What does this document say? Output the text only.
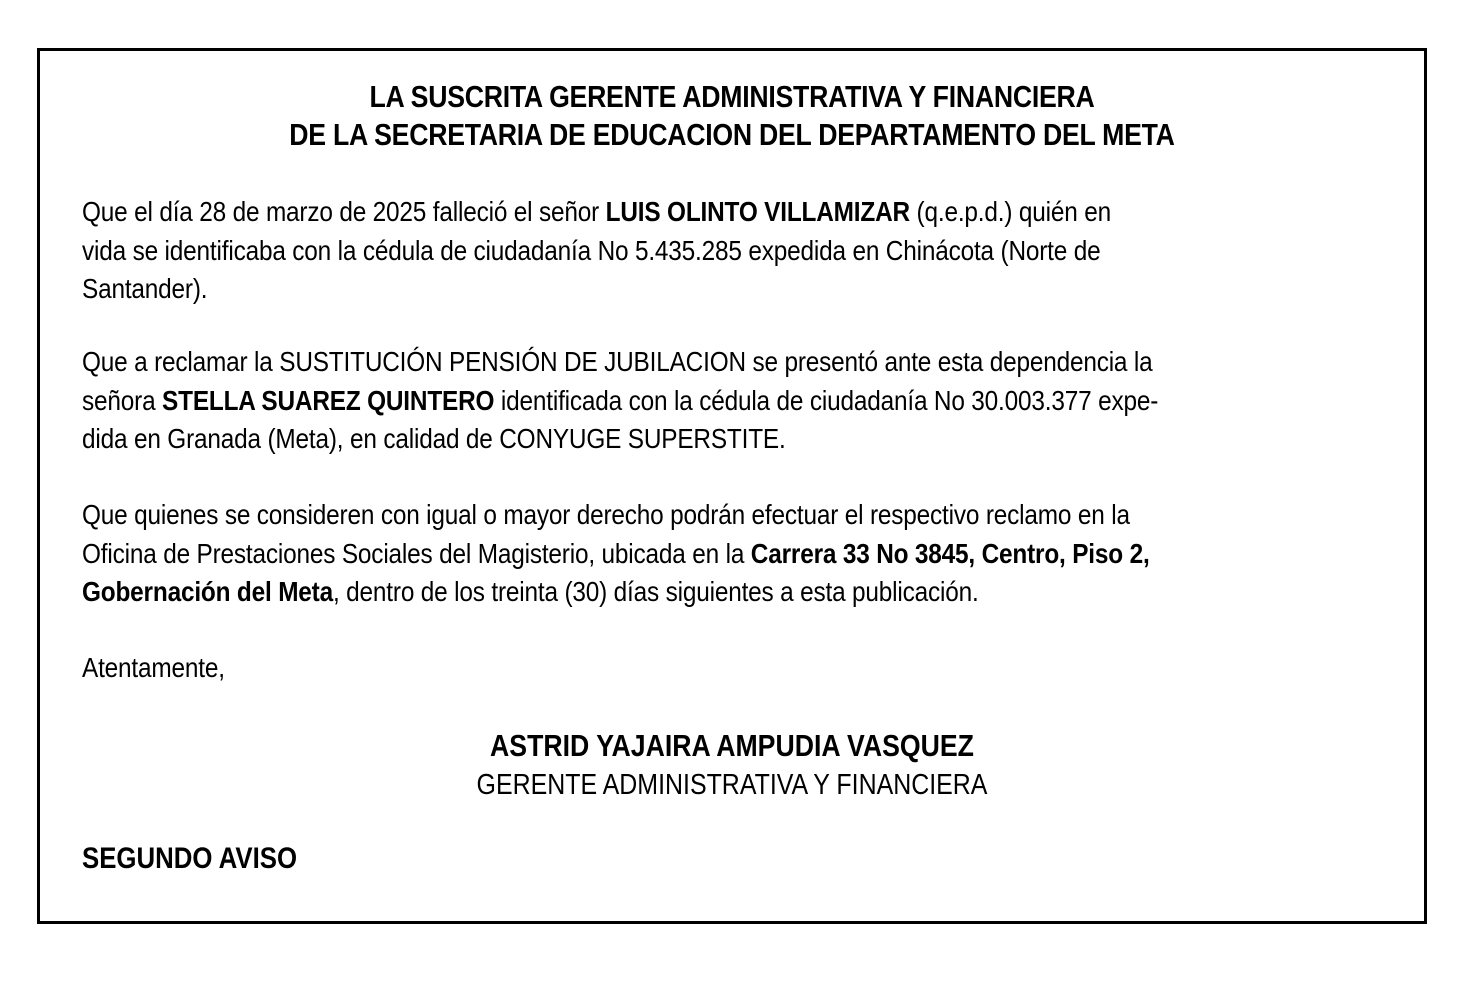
LA SUSCRITA GERENTE ADMINISTRATIVA Y FINANCIERA
DE LA SECRETARIA DE EDUCACION DEL DEPARTAMENTO DEL META
Que el día 28 de marzo de 2025 falleció el señor LUIS OLINTO VILLAMIZAR (q.e.p.d.) quién en
vida se identificaba con la cédula de ciudadanía No 5.435.285 expedida en Chinácota (Norte de
Santander).
Que a reclamar la SUSTITUCIÓN PENSIÓN DE JUBILACION se presentó ante esta dependencia la
señora STELLA SUAREZ QUINTERO identificada con la cédula de ciudadanía No 30.003.377 expe-
dida en Granada (Meta), en calidad de CONYUGE SUPERSTITE.
Que quienes se consideren con igual o mayor derecho podrán efectuar el respectivo reclamo en la
Oficina de Prestaciones Sociales del Magisterio, ubicada en la Carrera 33 No 3845, Centro, Piso 2,
Gobernación del Meta, dentro de los treinta (30) días siguientes a esta publicación.
Atentamente,
ASTRID YAJAIRA AMPUDIA VASQUEZ
GERENTE ADMINISTRATIVA Y FINANCIERA
SEGUNDO AVISO
